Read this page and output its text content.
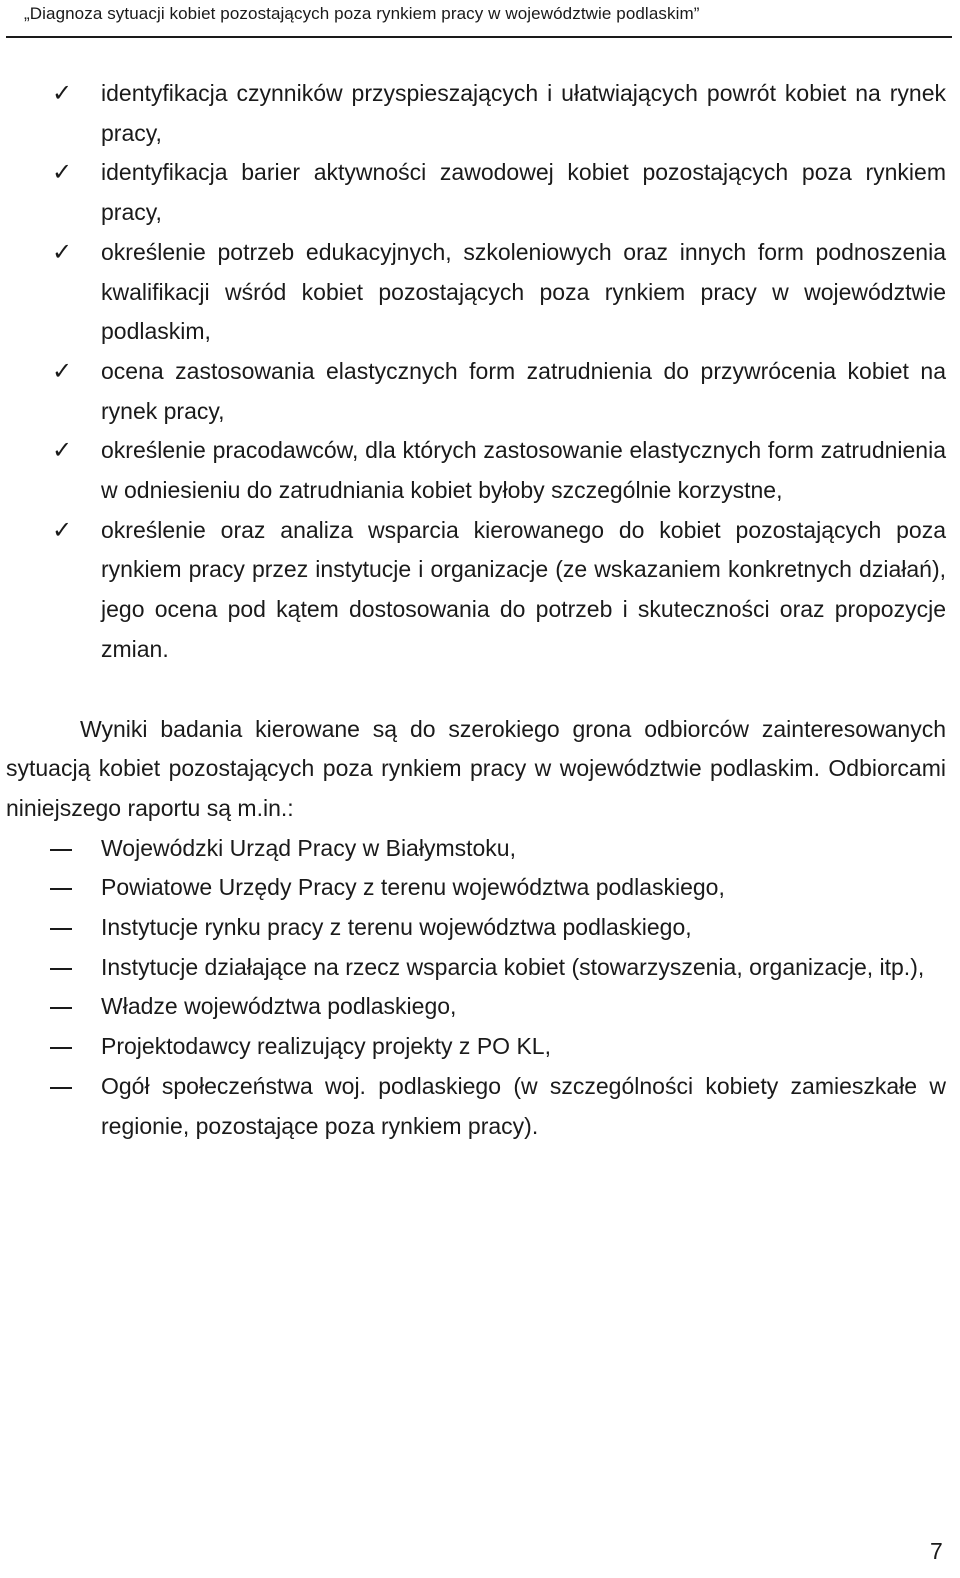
„Diagnoza sytuacji kobiet pozostających poza rynkiem pracy w województwie podlaskim”
✓ identyfikacja czynników przyspieszających i ułatwiających powrót kobiet na rynek pracy,
✓ identyfikacja barier aktywności zawodowej kobiet pozostających poza rynkiem pracy,
✓ określenie potrzeb edukacyjnych, szkoleniowych oraz innych form podnoszenia kwalifikacji wśród kobiet pozostających poza rynkiem pracy w województwie podlaskim,
✓ ocena zastosowania elastycznych form zatrudnienia do przywrócenia kobiet na rynek pracy,
✓ określenie pracodawców, dla których zastosowanie elastycznych form zatrudnienia w odniesieniu do zatrudniania kobiet byłoby szczególnie korzystne,
✓ określenie oraz analiza wsparcia kierowanego do kobiet pozostających poza rynkiem pracy przez instytucje i organizacje (ze wskazaniem konkretnych działań), jego ocena pod kątem dostosowania do potrzeb i skuteczności oraz propozycje zmian.

Wyniki badania kierowane są do szerokiego grona odbiorców zainteresowanych sytuacją kobiet pozostających poza rynkiem pracy w województwie podlaskim. Odbiorcami niniejszego raportu są m.in.:

Wojewódzki Urząd Pracy w Białymstoku,
Powiatowe Urzędy Pracy z terenu województwa podlaskiego,
Instytucje rynku pracy z terenu województwa podlaskiego,
Instytucje działające na rzecz wsparcia kobiet (stowarzyszenia, organizacje, itp.),
Władze województwa podlaskiego,
Projektodawcy realizujący projekty z PO KL,
Ogół społeczeństwa woj. podlaskiego (w szczególności kobiety zamieszkałe w regionie, pozostające poza rynkiem pracy).
7
